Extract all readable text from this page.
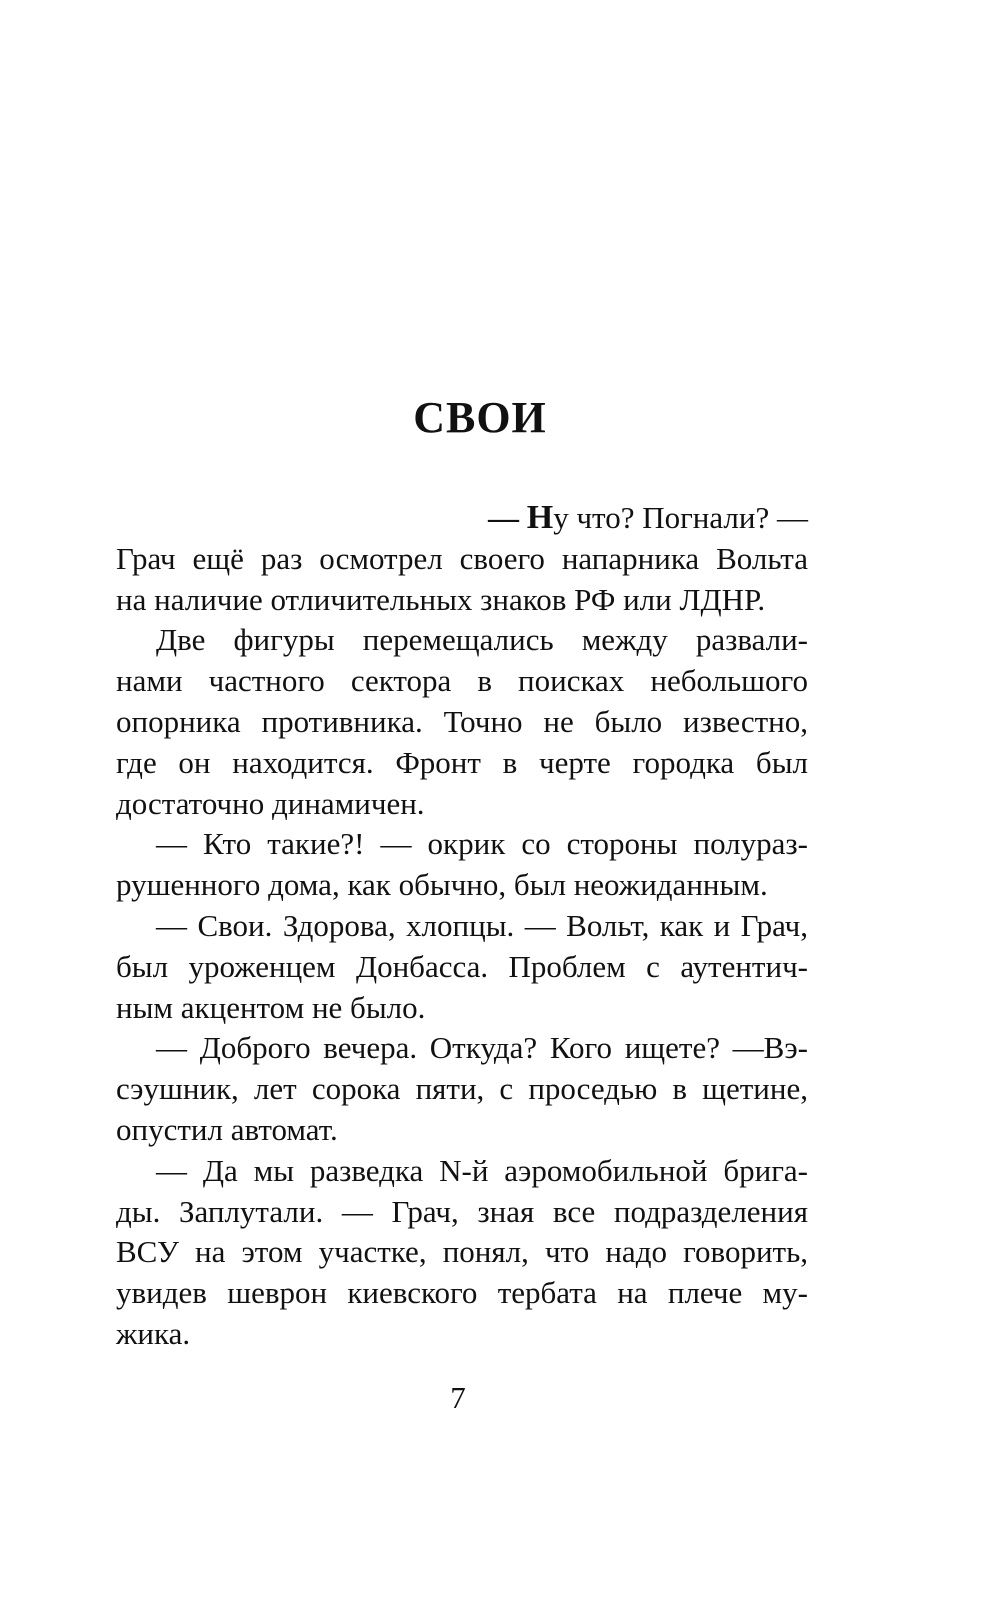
СВОИ
— Ну что? Погнали? —
Грач ещё раз осмотрел своего напарника Вольта
на наличие отличительных знаков РФ или ЛДНР.
Две фигуры перемещались между развали-
нами частного сектора в поисках небольшого
опорника противника. Точно не было известно,
где он находится. Фронт в черте городка был
достаточно динамичен.
— Кто такие?! — окрик со стороны полураз-
рушенного дома, как обычно, был неожиданным.
— Свои. Здорова, хлопцы. — Вольт, как и Грач,
был уроженцем Донбасса. Проблем с аутентич-
ным акцентом не было.
— Доброго вечера. Откуда? Кого ищете? —Вэ-
сэушник, лет сорока пяти, с проседью в щетине,
опустил автомат.
— Да мы разведка N-й аэромобильной брига-
ды. Заплутали. — Грач, зная все подразделения
ВСУ на этом участке, понял, что надо говорить,
увидев шеврон киевского тербата на плече му-
жика.
7
